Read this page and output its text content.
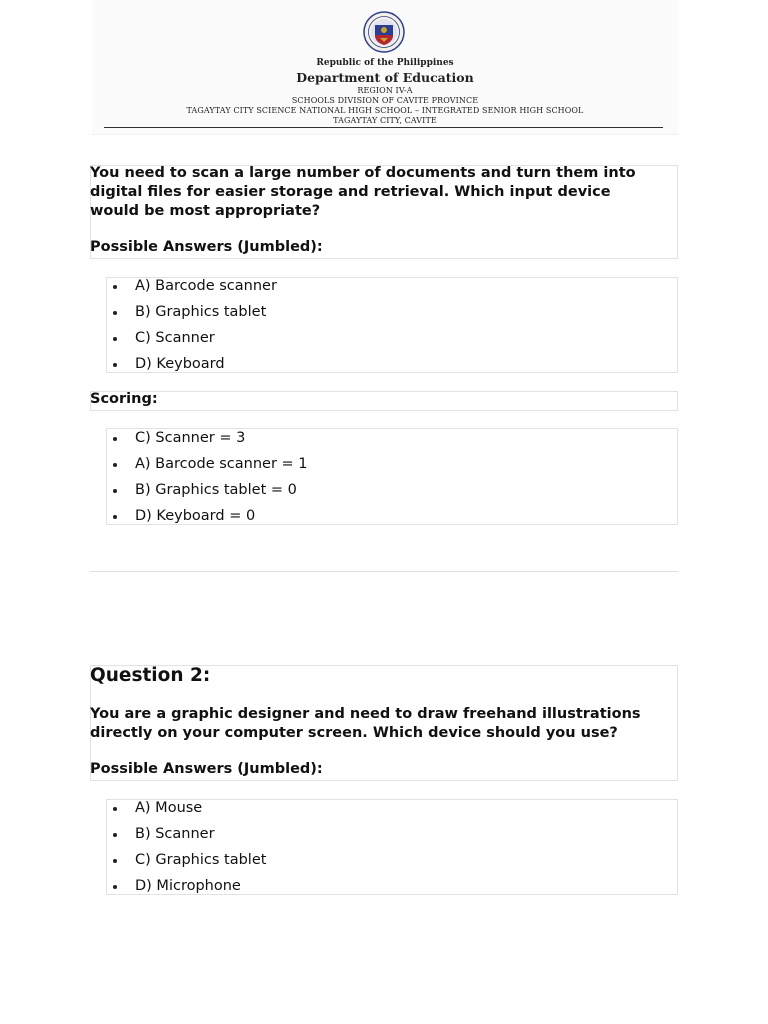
Republic of the Philippines
Department of Education
REGION IV-A
SCHOOLS DIVISION OF CAVITE PROVINCE
TAGAYTAY CITY SCIENCE NATIONAL HIGH SCHOOL – INTEGRATED SENIOR HIGH SCHOOL
TAGAYTAY CITY, CAVITE
You need to scan a large number of documents and turn them into
digital files for easier storage and retrieval. Which input device
would be most appropriate?
Possible Answers (Jumbled):
A) Barcode scanner
B) Graphics tablet
C) Scanner
D) Keyboard
Scoring:
C) Scanner = 3
A) Barcode scanner = 1
B) Graphics tablet = 0
D) Keyboard = 0
Question 2:
You are a graphic designer and need to draw freehand illustrations
directly on your computer screen. Which device should you use?
Possible Answers (Jumbled):
A) Mouse
B) Scanner
C) Graphics tablet
D) Microphone
